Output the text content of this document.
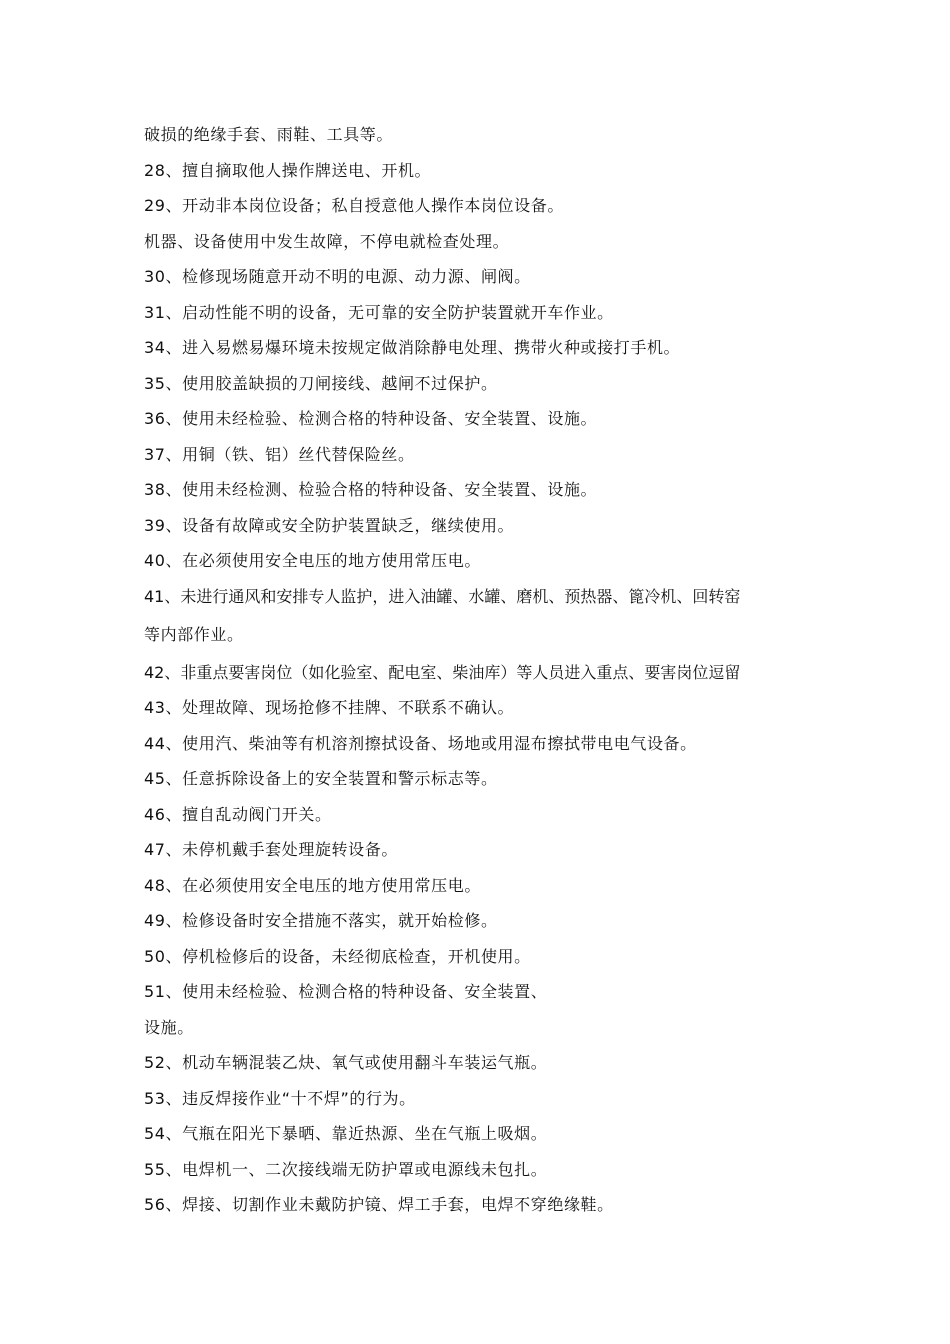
破损的绝缘手套、雨鞋、工具等。
28、擅自摘取他人操作牌送电、开机。
29、开动非本岗位设备；私自授意他人操作本岗位设备。
机器、设备使用中发生故障，不停电就检查处理。
30、检修现场随意开动不明的电源、动力源、闸阀。
31、启动性能不明的设备，无可靠的安全防护装置就开车作业。
34、进入易燃易爆环境未按规定做消除静电处理、携带火种或接打手机。
35、使用胶盖缺损的刀闸接线、越闸不过保护。
36、使用未经检验、检测合格的特种设备、安全装置、设施。
37、用铜（铁、铝）丝代替保险丝。
38、使用未经检测、检验合格的特种设备、安全装置、设施。
39、设备有故障或安全防护装置缺乏，继续使用。
40、在必须使用安全电压的地方使用常压电。
41、未进行通风和安排专人监护，进入油罐、水罐、磨机、预热器、篦冷机、回转窑
等内部作业。
42、非重点要害岗位（如化验室、配电室、柴油库）等人员进入重点、要害岗位逗留
43、处理故障、现场抢修不挂牌、不联系不确认。
44、使用汽、柴油等有机溶剂擦拭设备、场地或用湿布擦拭带电电气设备。
45、任意拆除设备上的安全装置和警示标志等。
46、擅自乱动阀门开关。
47、未停机戴手套处理旋转设备。
48、在必须使用安全电压的地方使用常压电。
49、检修设备时安全措施不落实，就开始检修。
50、停机检修后的设备，未经彻底检查，开机使用。
51、使用未经检验、检测合格的特种设备、安全装置、
设施。
52、机动车辆混装乙炔、氧气或使用翻斗车装运气瓶。
53、违反焊接作业“十不焊”的行为。
54、气瓶在阳光下暴晒、靠近热源、坐在气瓶上吸烟。
55、电焊机一、二次接线端无防护罩或电源线未包扎。
56、焊接、切割作业未戴防护镜、焊工手套，电焊不穿绝缘鞋。
